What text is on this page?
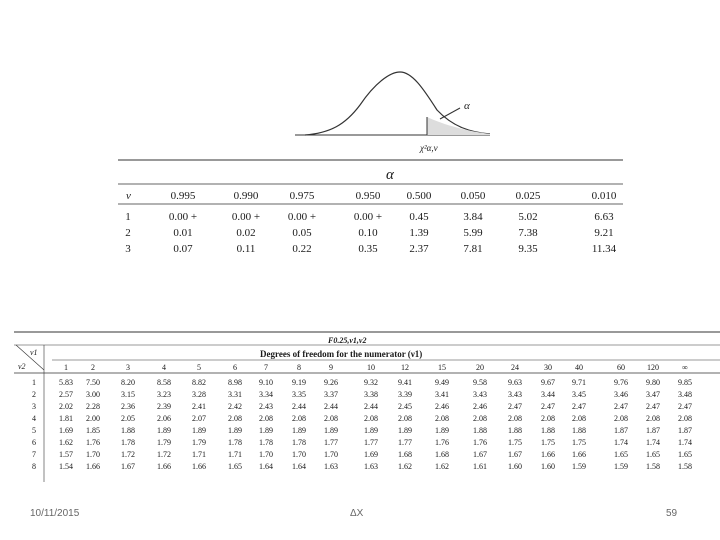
α
χ²α,ν
α
ν	0.995	0.990	0.975	0.950 0.500	0.050	0.025	0.010
1	0.00 +	0.00 +	0.00 +	0.00 + 0.45	3.84	5.02	6.63
2	0.01	0.02	0.05	0.10	1.39	5.99	7.38	9.21
3	0.07	0.11	0.22	0.35	2.37	7.81	9.35	11.34
F0.25,ν1,ν2
ν1
ν2
Degrees of freedom for the numerator (ν1)
1	2	3	4	5	6	7	8	9	10	12	15	20	24	30	40	60	120	∞
1	5.83 7.50	8.20	8.58	8.82	8.98 9.10 9.19 9.26	9.32	9.41	9.49	9.58	9.63 9.67 9.71	9.76 9.80 9.85
2	2.57 3.00	3.15	3.23	3.28	3.31 3.34 3.35 3.37	3.38	3.39	3.41	3.43	3.43 3.44 3.45	3.46 3.47 3.48
3	2.02 2.28	2.36	2.39	2.41	2.42 2.43 2.44 2.44	2.44	2.45	2.46	2.46	2.47 2.47 2.47	2.47 2.47 2.47
4	1.81 2.00	2.05	2.06	2.07	2.08 2.08 2.08 2.08	2.08	2.08	2.08	2.08	2.08 2.08 2.08	2.08 2.08 2.08
5	1.69 1.85	1.88	1.89	1.89	1.89 1.89 1.89 1.89	1.89	1.89	1.89	1.88	1.88 1.88 1.88	1.87 1.87 1.87
6	1.62 1.76	1.78	1.79	1.79	1.78 1.78 1.78 1.77	1.77	1.77	1.76	1.76	1.75 1.75 1.75	1.74 1.74 1.74
7	1.57 1.70	1.72	1.72	1.71	1.71 1.70 1.70 1.70	1.69	1.68	1.68	1.67	1.67 1.66 1.66	1.65 1.65 1.65
8	1.54 1.66	1.67	1.66	1.66	1.65 1.64 1.64 1.63	1.63	1.62	1.62	1.61	1.60 1.60 1.59	1.59 1.58 1.58
10/11/2015	ΔX	59
